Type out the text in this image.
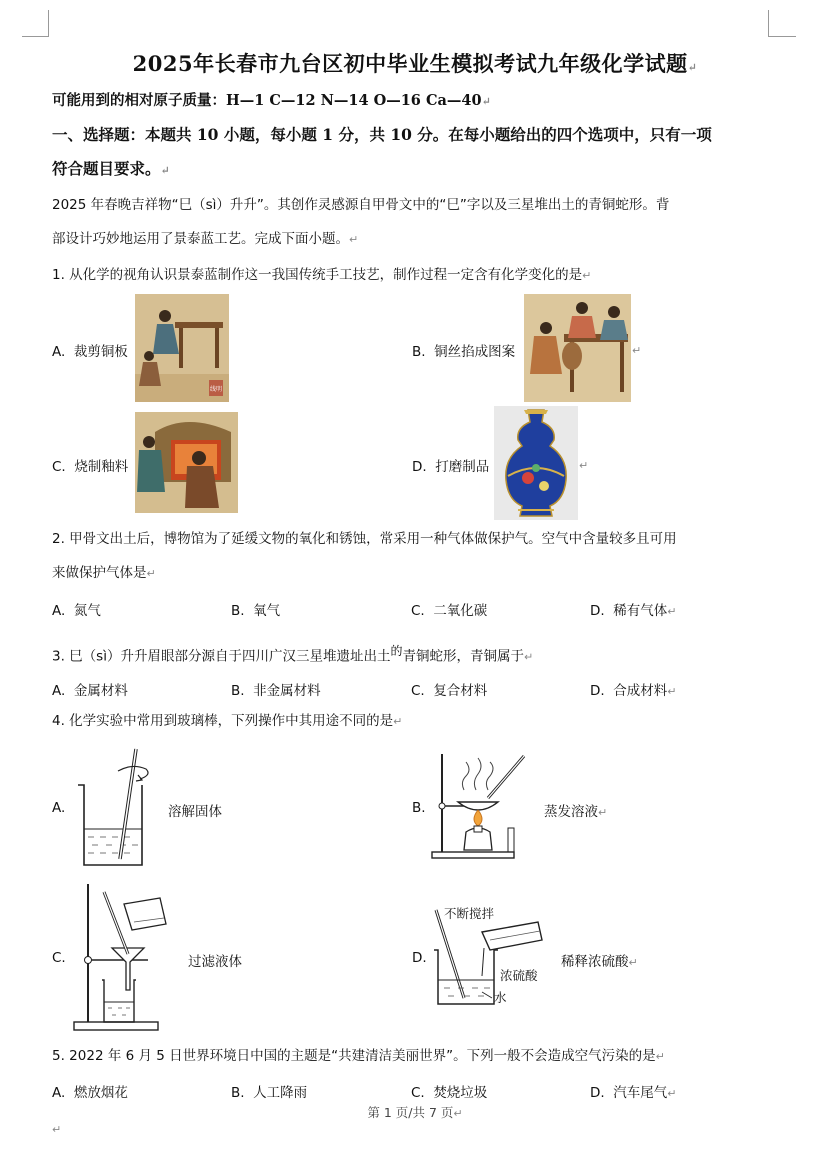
2025年长春市九台区初中毕业生模拟考试九年级化学试题↵
可能用到的相对原子质量：H—1 C—12 N—14 O—16 Ca—40↵
一、选择题：本题共 10 小题，每小题 1 分，共 10 分。在每小题给出的四个选项中，只有一项
符合题目要求。↵
2025 年春晚吉祥物“巳（sì）升升”。其创作灵感源自甲骨文中的“巳”字以及三星堆出土的青铜蛇形。背
部设计巧妙地运用了景泰蓝工艺。完成下面小题。↵
1. 从化学的视角认识景泰蓝制作这一我国传统手工技艺，制作过程一定含有化学变化的是↵
A. 裁剪铜板
线明
B. 铜丝掐成图案	↵
C. 烧制釉料	D. 打磨制品	↵
2. 甲骨文出土后，博物馆为了延缓文物的氧化和锈蚀，常采用一种气体做保护气。空气中含量较多且可用
来做保护气体是↵
A. 氮气	B. 氧气	C. 二氧化碳	D. 稀有气体↵
3. 巳（sì）升升眉眼部分源自于四川广汉三星堆遗址出土$^的$青铜蛇形，青铜属于↵
A. 金属材料	B. 非金属材料	C. 复合材料	D. 合成材料↵
4. 化学实验中常用到玻璃棒，下列操作中其用途不同的是↵
A.	溶解固体	B.	蒸发溶液↵
C.	过滤液体	D.
不断搅拌
浓硫酸
水
稀释浓硫酸↵
5. 2022 年 6 月 5 日世界环境日中国的主题是“共建清洁美丽世界”。下列一般不会造成空气污染的是↵
A. 燃放烟花	B. 人工降雨	C. 焚烧垃圾	D. 汽车尾气↵
第 1 页/共 7 页↵
↵
